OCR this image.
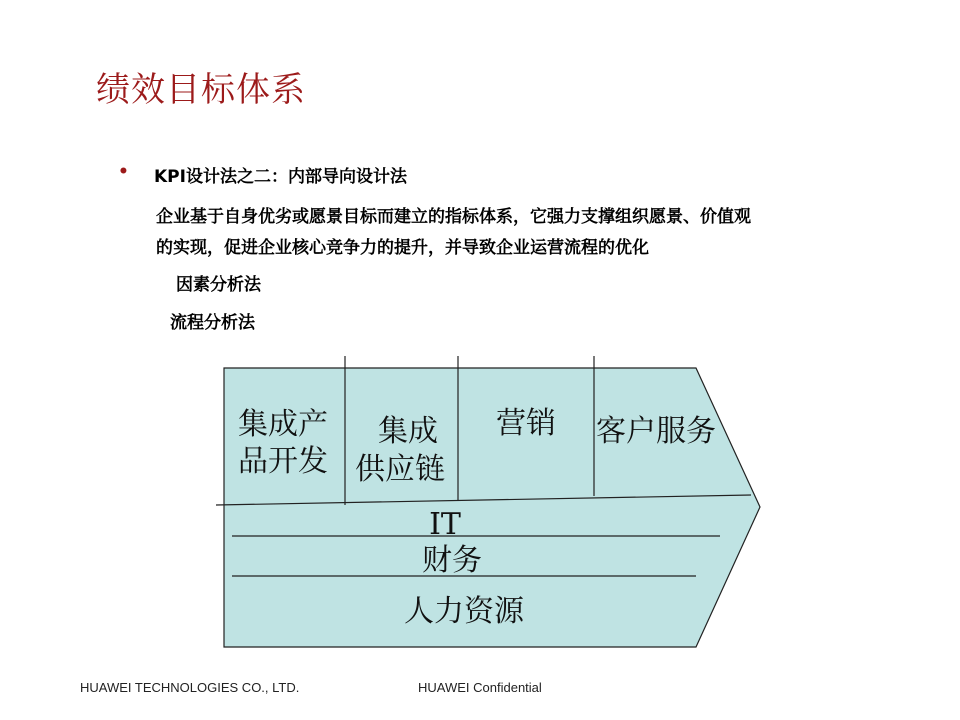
绩效目标体系
• KPI设计法之二：内部导向设计法
企业基于自身优劣或愿景目标而建立的指标体系，它强力支撑组织愿景、价值观
的实现，促进企业核心竞争力的提升，并导致企业运营流程的优化
因素分析法
流程分析法
集成产
品开发
集成
供应链
营销 客户服务
IT
财务
人力资源
HUAWEI TECHNOLOGIES CO., LTD.	HUAWEI Confidential
